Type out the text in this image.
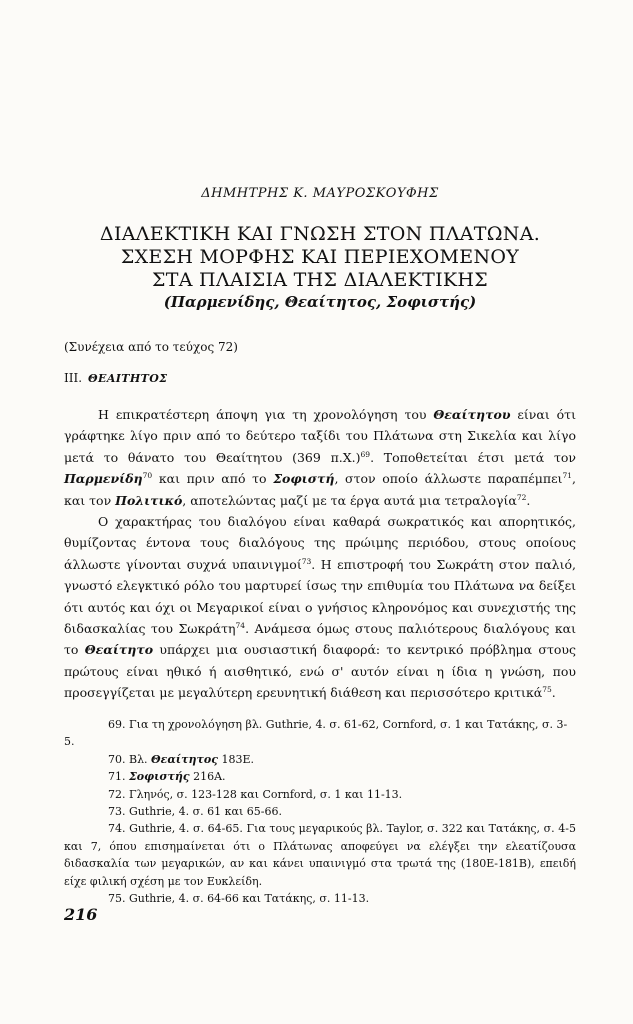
ΔΗΜΗΤΡΗΣ Κ. ΜΑΥΡΟΣΚΟΥΦΗΣ
ΔΙΑΛΕΚΤΙΚΗ ΚΑΙ ΓΝΩΣΗ ΣΤΟΝ ΠΛΑΤΩΝΑ.
ΣΧΕΣΗ ΜΟΡΦΗΣ ΚΑΙ ΠΕΡΙΕΧΟΜΕΝΟΥ
ΣΤΑ ΠΛΑΙΣΙΑ ΤΗΣ ΔΙΑΛΕΚΤΙΚΗΣ
(Παρμενίδης, Θεαίτητος, Σοφιστής)
(Συνέχεια από το τεύχος 72)
III. ΘΕΑΙΤΗΤΟΣ

Η επικρατέστερη άποψη για τη χρονολόγηση του Θεαίτητου είναι ότι γράφτηκε λίγο πριν από το δεύτερο ταξίδι του Πλάτωνα στη Σικελία και λίγο μετά το θάνατο του Θεαίτητου (369 π.Χ.)$^{69}$. Τοποθετείται έτσι μετά τον Παρμενίδη$^{70}$ και πριν από το Σοφιστή, στον οποίο άλλωστε παραπέμπει$^{71}$, και τον Πολιτικό, αποτελώντας μαζί με τα έργα αυτά μια τετραλογία$^{72}$.

Ο χαρακτήρας του διαλόγου είναι καθαρά σωκρατικός και απορητικός, θυμίζοντας έντονα τους διαλόγους της πρώιμης περιόδου, στους οποίους άλλωστε γίνονται συχνά υπαινιγμοί$^{73}$. Η επιστροφή του Σωκράτη στον παλιό, γνωστό ελεγκτικό ρόλο του μαρτυρεί ίσως την επιθυμία του Πλάτωνα να δείξει ότι αυτός και όχι οι Μεγαρικοί είναι ο γνήσιος κληρονόμος και συνεχιστής της διδασκαλίας του Σωκράτη$^{74}$. Ανάμεσα όμως στους παλιότερους διαλόγους και το Θεαίτητο υπάρχει μια ουσιαστική διαφορά: το κεντρικό πρόβλημα στους πρώτους είναι ηθικό ή αισθητικό, ενώ σ' αυτόν είναι η ίδια η γνώση, που προσεγγίζεται με μεγαλύτερη ερευνητική διάθεση και περισσότερο κριτικά$^{75}$.

69. Για τη χρονολόγηση βλ. Guthrie, 4. σ. 61-62, Cornford, σ. 1 και Τατάκης, σ. 3-5.

70. Βλ. Θεαίτητος 183Ε.

71. Σοφιστής 216Α.

72. Γληνός, σ. 123-128 και Cornford, σ. 1 και 11-13.

73. Guthrie, 4. σ. 61 και 65-66.

74. Guthrie, 4. σ. 64-65. Για τους μεγαρικούς βλ. Taylor, σ. 322 και Τατάκης, σ. 4-5 και 7, όπου επισημαίνεται ότι ο Πλάτωνας αποφεύγει να ελέγξει την ελεατίζουσα διδασκαλία των μεγαρικών, αν και κάνει υπαινιγμό στα τρωτά της (180Ε-181Β), επειδή είχε φιλική σχέση με τον Ευκλείδη.

75. Guthrie, 4. σ. 64-66 και Τατάκης, σ. 11-13.

216
